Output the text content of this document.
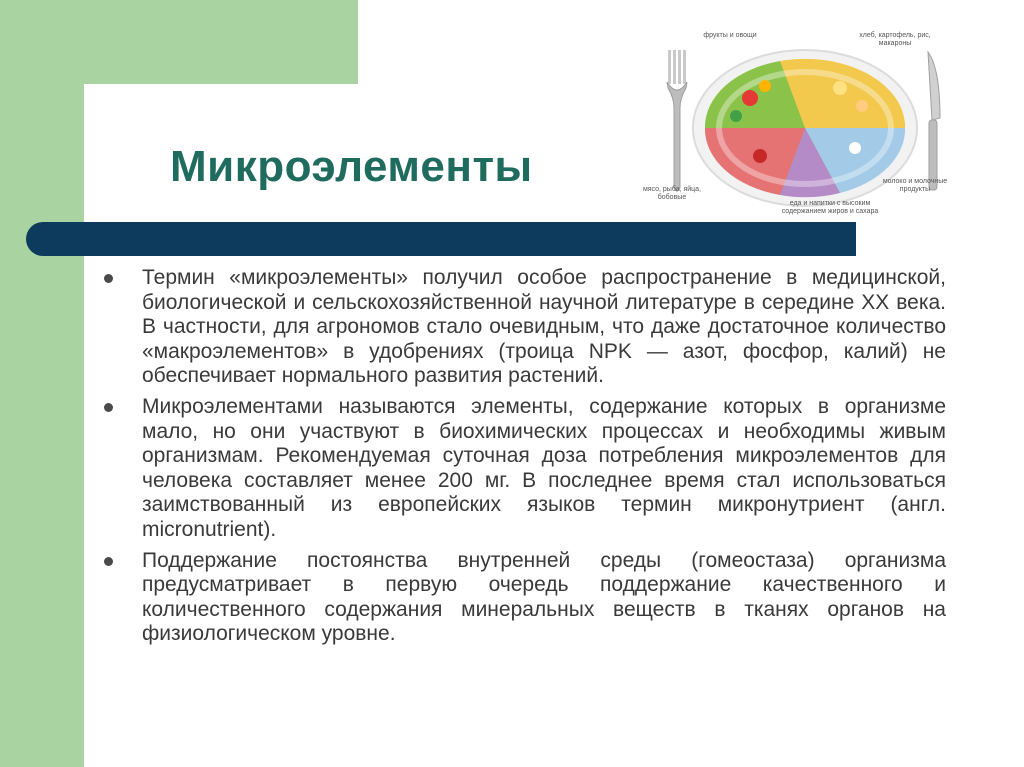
фрукты и овощи	хлеб, картофель, рис, макароны
мясо, рыба, яйца, бобовые
молоко и молочные продукты
еда и напитки с высоким содержанием жиров и сахара
Микроэлементы

Термин «микроэлементы» получил особое распространение в медицинской, биологической и сельскохозяйственной научной литературе в середине XX века. В частности, для агрономов стало очевидным, что даже достаточное количество «макроэлементов» в удобрениях (троица NPK — азот, фосфор, калий) не обеспечивает нормального развития растений.

Микроэлементами называются элементы, содержание которых в организме мало, но они участвуют в биохимических процессах и необходимы живым организмам. Рекомендуемая суточная доза потребления микроэлементов для человека составляет менее 200 мг. В последнее время стал использоваться заимствованный из европейских языков термин микронутриент (англ. micronutrient).

Поддержание постоянства внутренней среды (гомеостаза) организма предусматривает в первую очередь поддержание качественного и количественного содержания минеральных веществ в тканях органов на физиологическом уровне.
